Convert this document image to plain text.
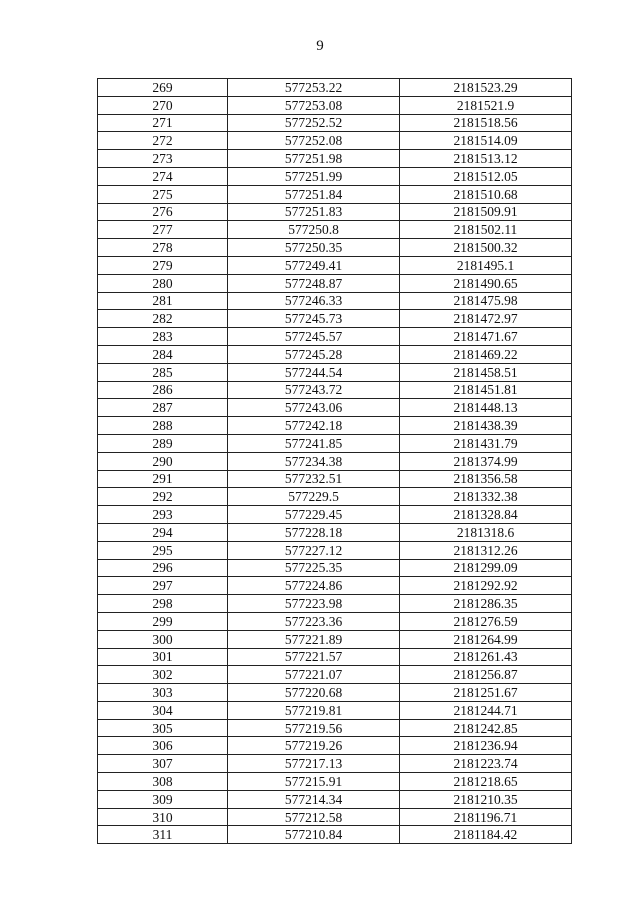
9
269	577253.22	2181523.29
270	577253.08	2181521.9
271	577252.52	2181518.56
272	577252.08	2181514.09
273	577251.98	2181513.12
274	577251.99	2181512.05
275	577251.84	2181510.68
276	577251.83	2181509.91
277	577250.8	2181502.11
278	577250.35	2181500.32
279	577249.41	2181495.1
280	577248.87	2181490.65
281	577246.33	2181475.98
282	577245.73	2181472.97
283	577245.57	2181471.67
284	577245.28	2181469.22
285	577244.54	2181458.51
286	577243.72	2181451.81
287	577243.06	2181448.13
288	577242.18	2181438.39
289	577241.85	2181431.79
290	577234.38	2181374.99
291	577232.51	2181356.58
292	577229.5	2181332.38
293	577229.45	2181328.84
294	577228.18	2181318.6
295	577227.12	2181312.26
296	577225.35	2181299.09
297	577224.86	2181292.92
298	577223.98	2181286.35
299	577223.36	2181276.59
300	577221.89	2181264.99
301	577221.57	2181261.43
302	577221.07	2181256.87
303	577220.68	2181251.67
304	577219.81	2181244.71
305	577219.56	2181242.85
306	577219.26	2181236.94
307	577217.13	2181223.74
308	577215.91	2181218.65
309	577214.34	2181210.35
310	577212.58	2181196.71
311	577210.84	2181184.42
